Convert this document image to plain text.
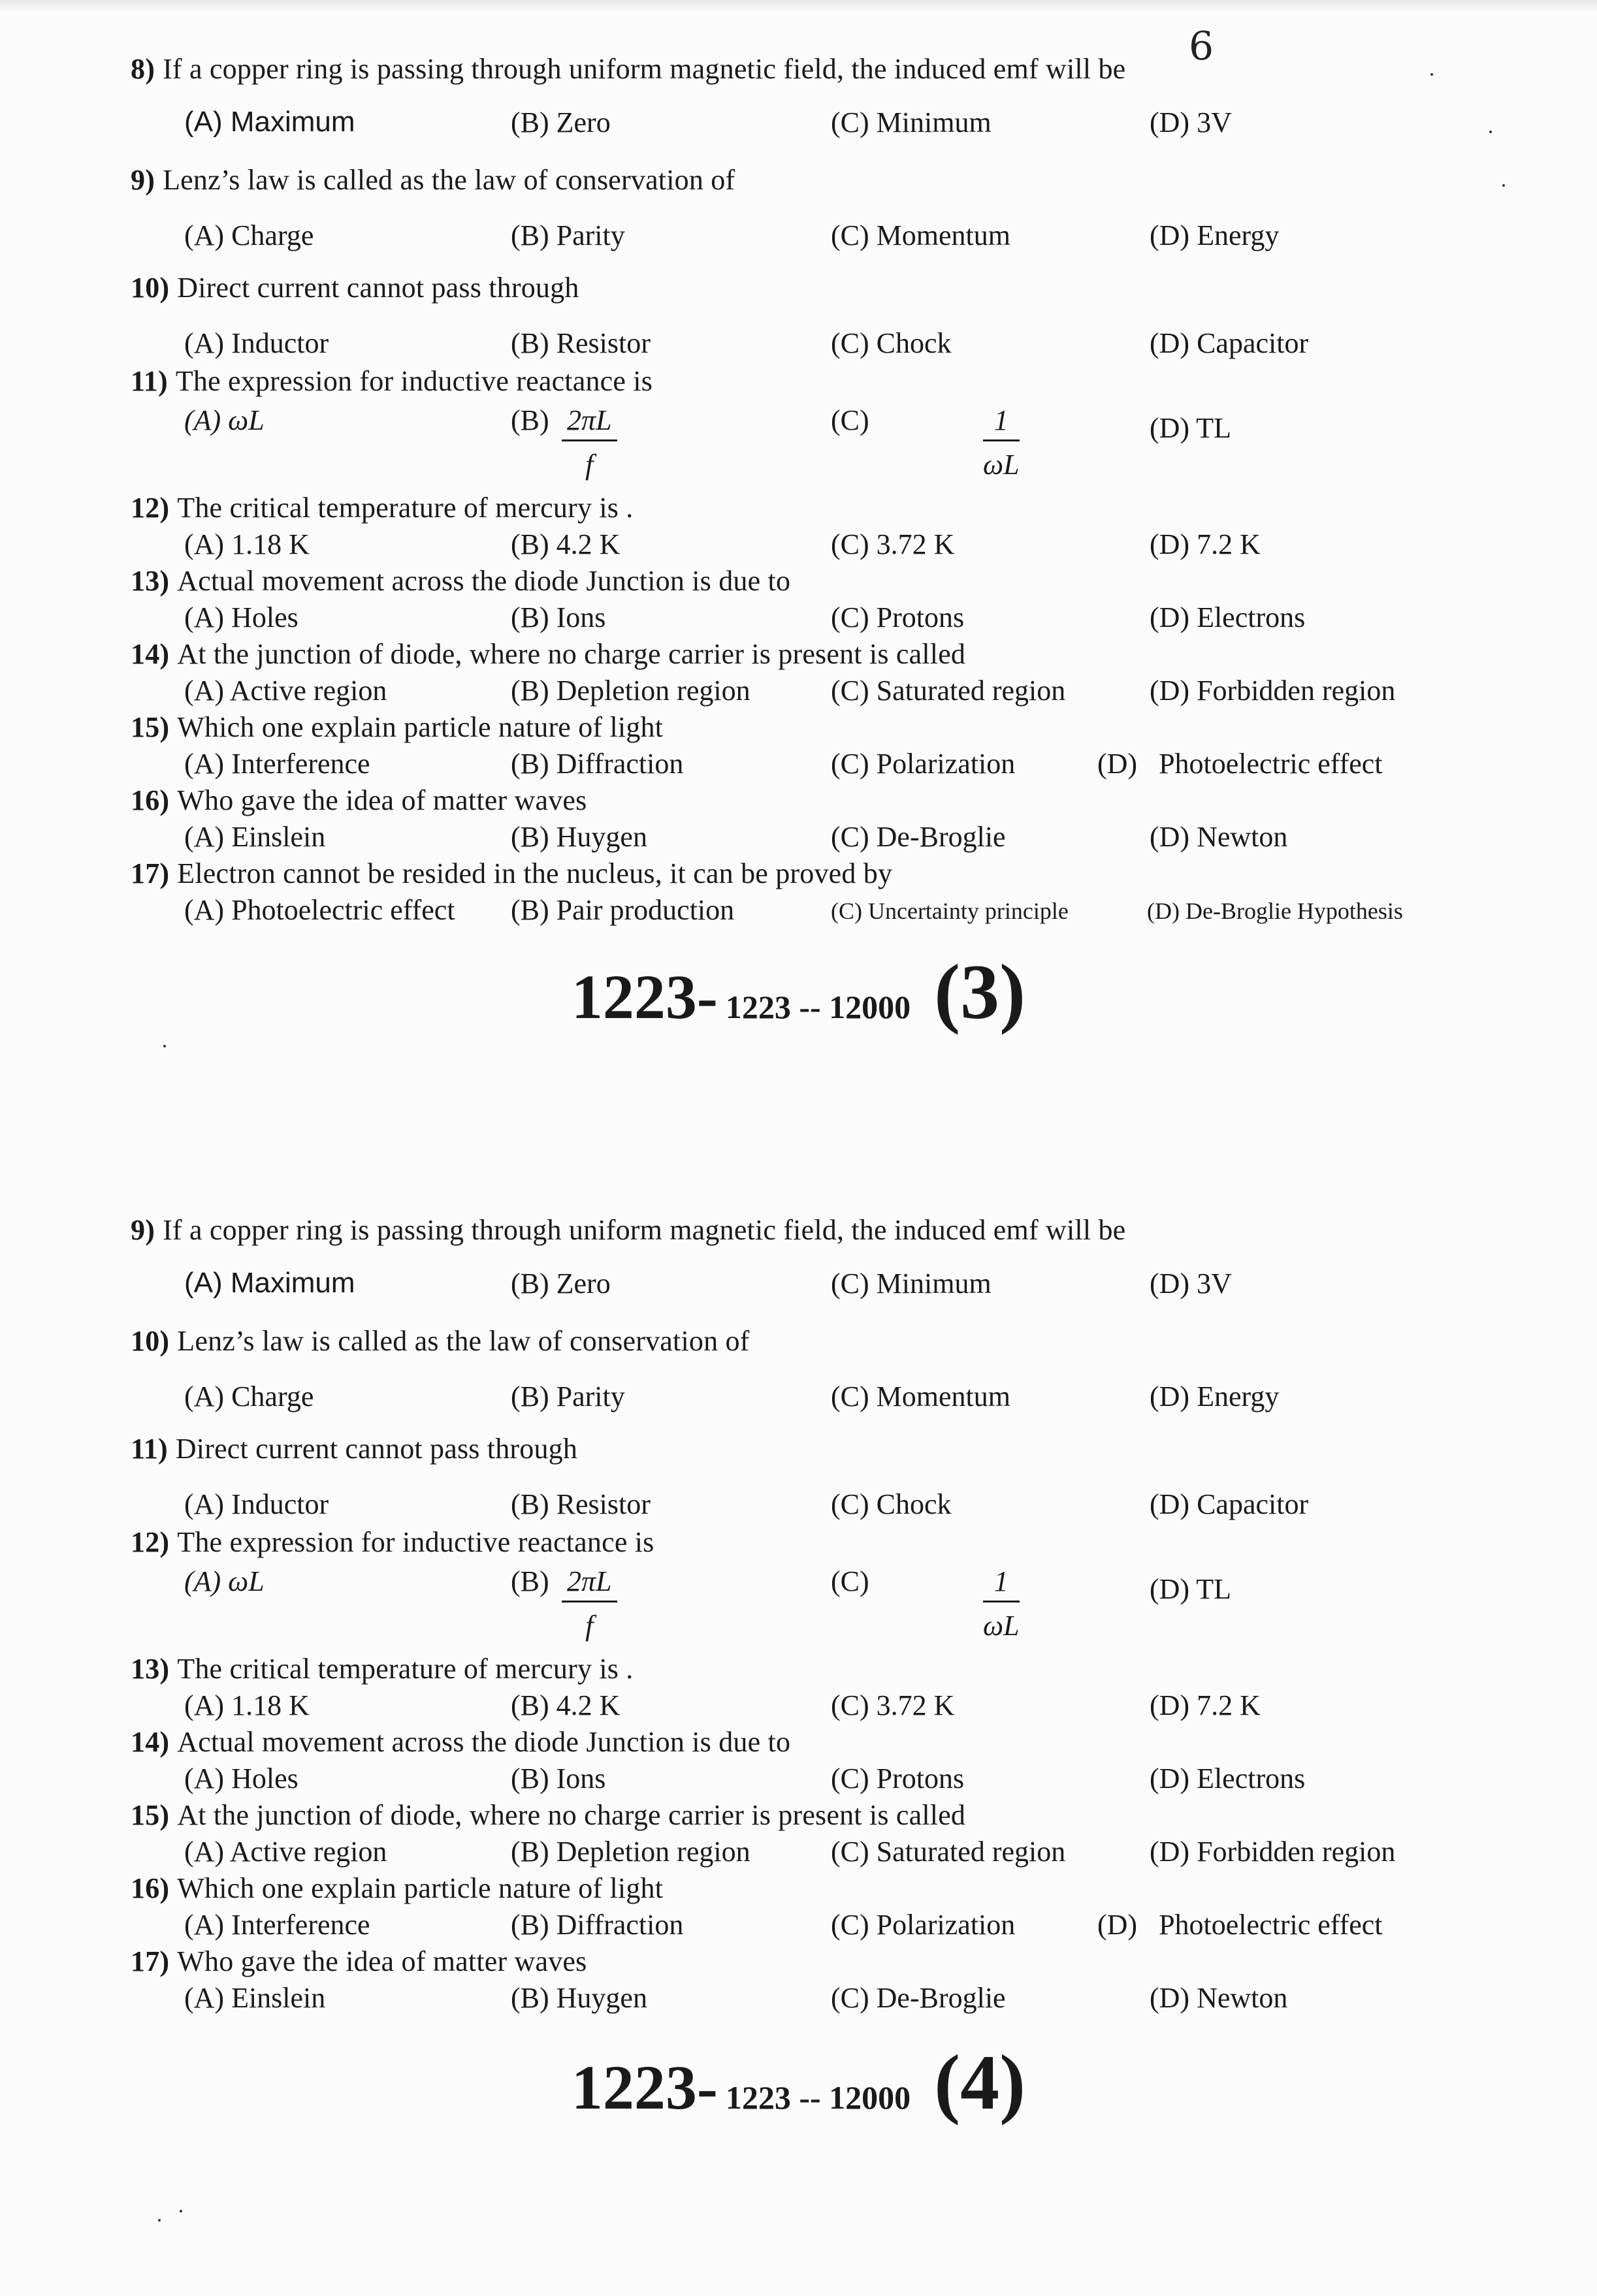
8) If a copper ring is passing through uniform magnetic field, the induced emf will be
(A) Maximum	(B) Zero	(C) Minimum	(D) 3V
9) Lenz’s law is called as the law of conservation of
(A) Charge	(B) Parity	(C) Momentum	(D) Energy
10) Direct current cannot pass through
(A) Inductor	(B) Resistor	(C) Chock	(D) Capacitor
11) The expression for inductive reactance is
(A) ωL	$(B) \frac{2\pi L}{f}$	(C)	$\frac{1}{\omega L}$	(D) TL
12) The critical temperature of mercury is .
(A) 1.18 K	(B) 4.2 K	(C) 3.72 K	(D) 7.2 K
13) Actual movement across the diode Junction is due to
(A) Holes	(B) Ions	(C) Protons	(D) Electrons
14) At the junction of diode, where no charge carrier is present is called
(A) Active region	(B) Depletion region	(C) Saturated region	(D) Forbidden region
15) Which one explain particle nature of light
(A) Interference	(B) Diffraction	(C) Polarization	(D)   Photoelectric effect
16) Who gave the idea of matter waves
(A) Einslein	(B) Huygen	(C) De-Broglie	(D) Newton
17) Electron cannot be resided in the nucleus, it can be proved by
(A) Photoelectric effect (B) Pair production	(C) Uncertainty principle	(D) De-Broglie Hypothesis
6
1223- 1223 -- 12000 (3)
9) If a copper ring is passing through uniform magnetic field, the induced emf will be
(A) Maximum	(B) Zero	(C) Minimum	(D) 3V
10) Lenz’s law is called as the law of conservation of
(A) Charge	(B) Parity	(C) Momentum	(D) Energy
11) Direct current cannot pass through
(A) Inductor	(B) Resistor	(C) Chock	(D) Capacitor
12) The expression for inductive reactance is
(A) ωL	$(B) \frac{2\pi L}{f}$	(C)	$\frac{1}{\omega L}$	(D) TL
13) The critical temperature of mercury is .
(A) 1.18 K	(B) 4.2 K	(C) 3.72 K	(D) 7.2 K
14) Actual movement across the diode Junction is due to
(A) Holes	(B) Ions	(C) Protons	(D) Electrons
15) At the junction of diode, where no charge carrier is present is called
(A) Active region	(B) Depletion region	(C) Saturated region	(D) Forbidden region
16) Which one explain particle nature of light
(A) Interference	(B) Diffraction	(C) Polarization	(D)   Photoelectric effect
17) Who gave the idea of matter waves
(A) Einslein	(B) Huygen	(C) De-Broglie	(D) Newton
1223- 1223 -- 12000 (4)
